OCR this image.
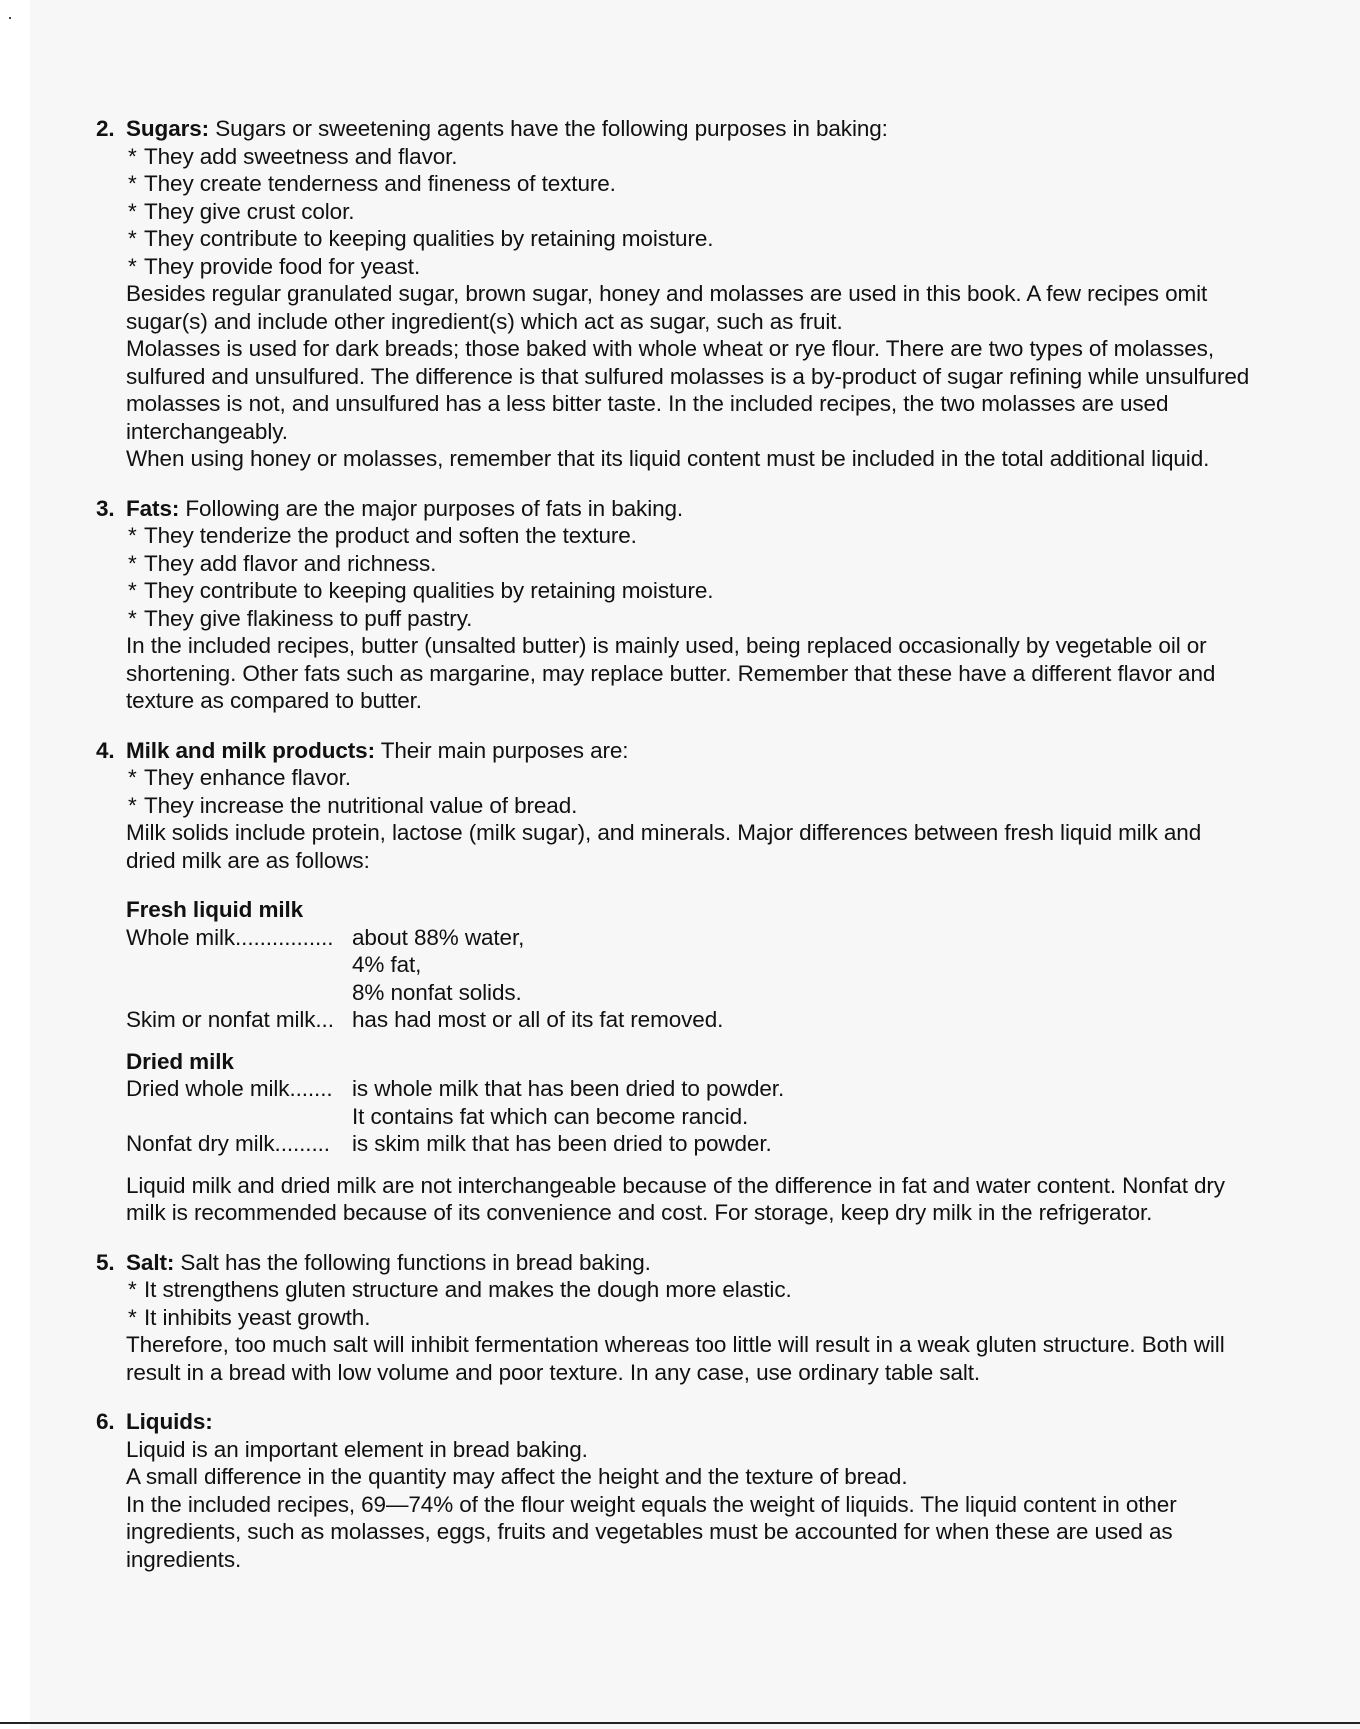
2. Sugars: Sugars or sweetening agents have the following purposes in baking:

* They add sweetness and flavor.

* They create tenderness and fineness of texture.

* They give crust color.

* They contribute to keeping qualities by retaining moisture.

* They provide food for yeast.

Besides regular granulated sugar, brown sugar, honey and molasses are used in this book. A few recipes omit sugar(s) and include other ingredient(s) which act as sugar, such as fruit.

Molasses is used for dark breads; those baked with whole wheat or rye flour. There are two types of molasses, sulfured and unsulfured. The difference is that sulfured molasses is a by-product of sugar refining while unsulfured molasses is not, and unsulfured has a less bitter taste. In the included recipes, the two molasses are used interchangeably.

When using honey or molasses, remember that its liquid content must be included in the total additional liquid.

3. Fats: Following are the major purposes of fats in baking.

* They tenderize the product and soften the texture.

* They add flavor and richness.

* They contribute to keeping qualities by retaining moisture.

* They give flakiness to puff pastry.

In the included recipes, butter (unsalted butter) is mainly used, being replaced occasionally by vegetable oil or shortening. Other fats such as margarine, may replace butter. Remember that these have a different flavor and texture as compared to butter.

4. Milk and milk products: Their main purposes are:

* They enhance flavor.

* They increase the nutritional value of bread.

Milk solids include protein, lactose (milk sugar), and minerals. Major differences between fresh liquid milk and dried milk are as follows:

Fresh liquid milk

Whole milk................ about 88% water,

4% fat,

8% nonfat solids.

Skim or nonfat milk... has had most or all of its fat removed.

Dried milk

Dried whole milk....... is whole milk that has been dried to powder.

It contains fat which can become rancid.

Nonfat dry milk......... is skim milk that has been dried to powder.

Liquid milk and dried milk are not interchangeable because of the difference in fat and water content. Nonfat dry milk is recommended because of its convenience and cost. For storage, keep dry milk in the refrigerator.

5. Salt: Salt has the following functions in bread baking.

* It strengthens gluten structure and makes the dough more elastic.

* It inhibits yeast growth.

Therefore, too much salt will inhibit fermentation whereas too little will result in a weak gluten structure. Both will result in a bread with low volume and poor texture. In any case, use ordinary table salt.

6. Liquids:

Liquid is an important element in bread baking.

A small difference in the quantity may affect the height and the texture of bread.

In the included recipes, 69—74% of the flour weight equals the weight of liquids. The liquid content in other ingredients, such as molasses, eggs, fruits and vegetables must be accounted for when these are used as ingredients.
